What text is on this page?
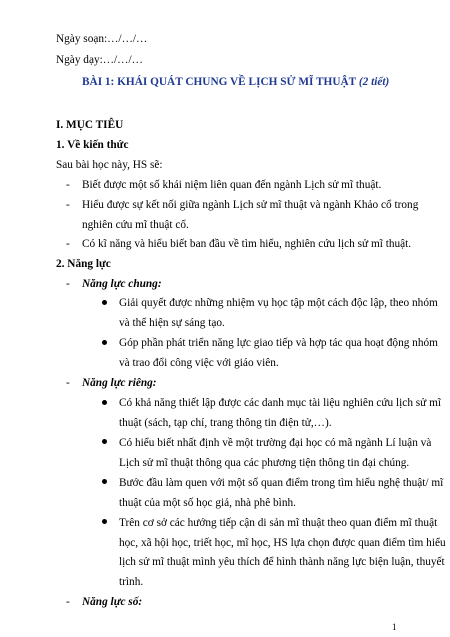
Ngày soạn:…/…/…
Ngày dạy:…/…/…
BÀI 1: KHÁI QUÁT CHUNG VỀ LỊCH SỬ MĨ THUẬT (2 tiết)
I. MỤC TIÊU
1. Về kiến thức
Sau bài học này, HS sẽ:
- Biết được một số khái niệm liên quan đến ngành Lịch sử mĩ thuật.
- Hiểu được sự kết nối giữa ngành Lịch sử mĩ thuật và ngành Khảo cổ trong
nghiên cứu mĩ thuật cổ.
- Có kĩ năng và hiểu biết ban đầu về tìm hiểu, nghiên cứu lịch sử mĩ thuật.
2. Năng lực
- Năng lực chung:
Giải quyết được những nhiệm vụ học tập một cách độc lập, theo nhóm
và thể hiện sự sáng tạo.
Góp phần phát triển năng lực giao tiếp và hợp tác qua hoạt động nhóm
và trao đổi công việc với giáo viên.
- Năng lực riêng:
Có khả năng thiết lập được các danh mục tài liệu nghiên cứu lịch sử mĩ
thuật (sách, tạp chí, trang thông tin điện tử,…).
Có hiểu biết nhất định về một trường đại học có mã ngành Lí luận và
Lịch sử mĩ thuật thông qua các phương tiện thông tin đại chúng.
Bước đầu làm quen với một số quan điểm trong tìm hiểu nghệ thuật/ mĩ
thuật của một số học giả, nhà phê bình.
Trên cơ sở các hướng tiếp cận di sản mĩ thuật theo quan điểm mĩ thuật
học, xã hội học, triết học, mĩ học, HS lựa chọn được quan điểm tìm hiểu
lịch sử mĩ thuật mình yêu thích để hình thành năng lực biện luận, thuyết
trình.
- Năng lực số:
1
